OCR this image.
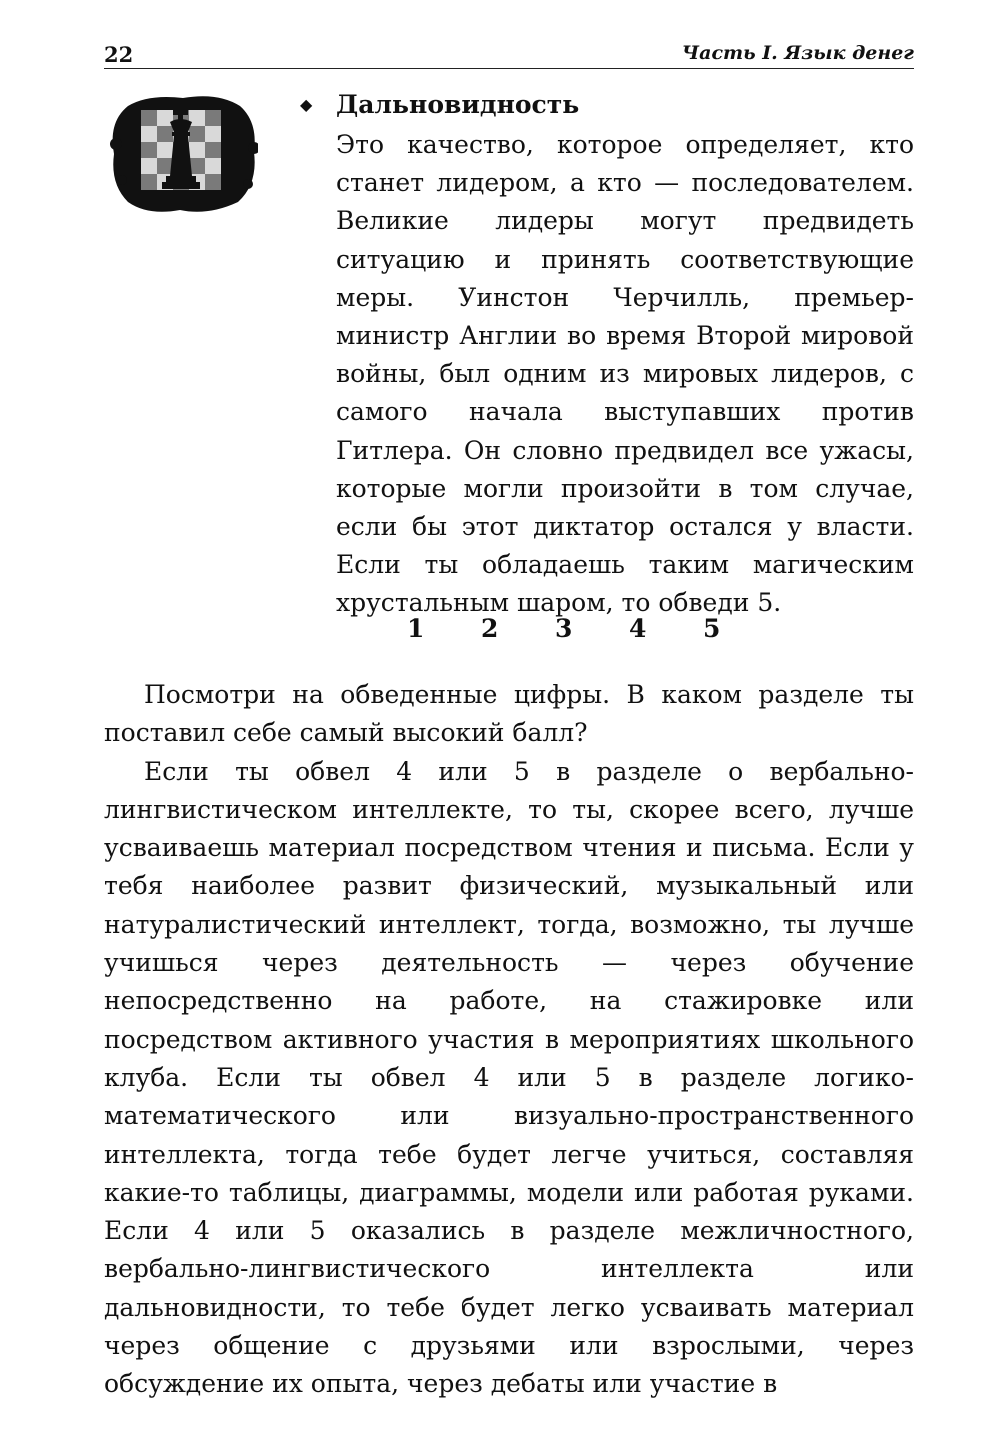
22	Часть I. Язык денег
◆ Дальновидность
Это качество, которое определяет, кто станет лидером, а кто — последователем. Великие лидеры могут предвидеть ситуацию и принять соответствующие меры. Уинстон Черчилль, премьер-министр Англии во время Второй мировой войны, был одним из мировых лидеров, с самого начала выступавших против Гитлера. Он словно предвидел все ужасы, которые могли произойти в том случае, если бы этот диктатор остался у власти. Если ты обладаешь таким магическим хрустальным шаром, то обведи 5.
1 2 3 4 5

Посмотри на обведенные цифры. В каком разделе ты поставил себе самый высокий балл?

Если ты обвел 4 или 5 в разделе о вербально-лингвистическом интеллекте, то ты, скорее всего, лучше усваиваешь материал посредством чтения и письма. Если у тебя наиболее развит физический, музыкальный или натуралистический интеллект, тогда, возможно, ты лучше учишься через деятельность — через обучение непосредственно на работе, на стажировке или посредством активного участия в мероприятиях школьного клуба. Если ты обвел 4 или 5 в разделе логико-математического или визуально-пространственного интеллекта, тогда тебе будет легче учиться, составляя какие-то таблицы, диаграммы, модели или работая руками. Если 4 или 5 оказались в разделе межличностного, вербально-лингвистического интеллекта или дальновидности, то тебе будет легко усваивать материал через общение с друзьями или взрослыми, через обсуждение их опыта, через дебаты или участие в
